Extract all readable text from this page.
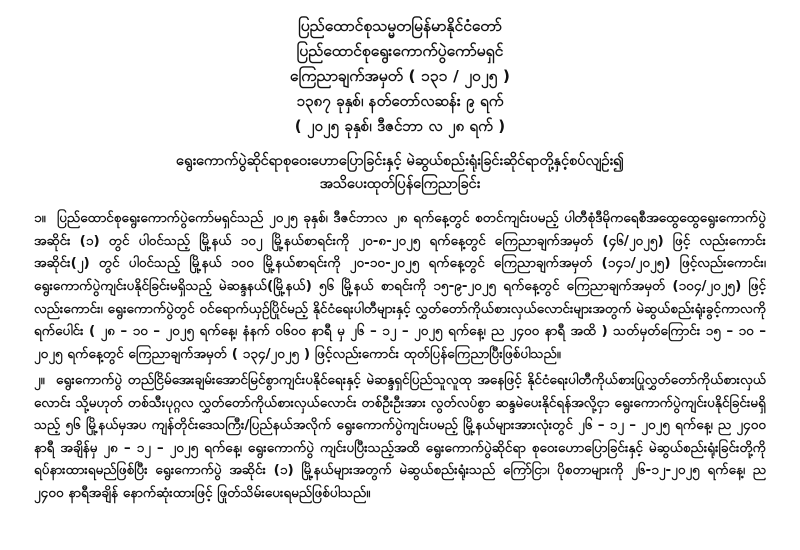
ပြည်ထောင်စုသမ္မတမြန်မာနိုင်ငံတော်
ပြည်ထောင်စုရွေးကောက်ပွဲကော်မရှင်
ကြေညာချက်အမှတ် ( ၁၃၁ / ၂၀၂၅ )
၁၃၈၇ ခုနှစ်၊ နတ်တော်လဆန်း ၉ ရက်
( ၂၀၂၅ ခုနှစ်၊ ဒီဇင်ဘာ လ ၂၈ ရက် )
ရွေးကောက်ပွဲဆိုင်ရာစုဝေးဟောပြောခြင်းနှင့် မဲဆွယ်စည်းရုံးခြင်းဆိုင်ရာတို့နှင့်စပ်လျဉ်း၍
အသိပေးထုတ်ပြန်ကြေညာခြင်း
၁။ ပြည်ထောင်စုရွေးကောက်ပွဲကော်မရှင်သည် ၂၀၂၅ ခုနှစ်၊ ဒီဇင်ဘာလ ၂၈ ရက်နေ့တွင် စတင်ကျင်းပမည့် ပါတီစုံဒီမိုကရေစီအထွေထွေရွေးကောက်ပွဲ အဆိုင်း (၁) တွင် ပါဝင်သည့် မြို့နယ် ၁၀၂ မြို့နယ်စာရင်းကို ၂၀-၈-၂၀၂၅ ရက်နေ့တွင် ကြေညာချက်အမှတ် (၄၆/၂၀၂၅) ဖြင့် လည်းကောင်း အဆိုင်း(၂) တွင် ပါဝင်သည့် မြို့နယ် ၁၀၀ မြို့နယ်စာရင်းကို ၂၀-၁၀-၂၀၂၅ ရက်နေ့တွင် ကြေညာချက်အမှတ် (၁၄၁/၂၀၂၅) ဖြင့်လည်းကောင်း၊ ရွေးကောက်ပွဲကျင်းပနိုင်ခြင်းမရှိသည့် မဲဆန္ဒနယ်(မြို့နယ်) ၅၆ မြို့နယ် စာရင်းကို ၁၅-၉-၂၀၂၅ ရက်နေ့တွင် ကြေညာချက်အမှတ် (၁၀၄/၂၀၂၅) ဖြင့်လည်းကောင်း၊ ရွေးကောက်ပွဲတွင် ဝင်ရောက်ယှဉ်ပြိုင်မည့် နိုင်ငံရေးပါတီများနှင့် လွှတ်တော်ကိုယ်စားလှယ်လောင်းများအတွက် မဲဆွယ်စည်းရုံးခွင့်ကာလကို ရက်ပေါင်း ( ၂၈ – ၁၀ – ၂၀၂၅ ရက်နေ့၊ နံနက် ၀၆၀၀ နာရီ မှ ၂၆ – ၁၂ – ၂၀၂၅ ရက်နေ့၊ ည ၂၄၀၀ နာရီ အထိ ) သတ်မှတ်ကြောင်း ၁၅ – ၁၀ – ၂၀၂၅ ရက်နေ့တွင် ကြေညာချက်အမှတ် ( ၁၃၄/၂၀၂၅ ) ဖြင့်လည်းကောင်း ထုတ်ပြန်ကြေညာပြီးဖြစ်ပါသည်။
၂။ ရွေးကောက်ပွဲ တည်ငြိမ်အေးချမ်းအောင်မြင်စွာကျင်းပနိုင်ရေးနှင့် မဲဆန္ဒရှင်ပြည်သူလူထု အနေဖြင့် နိုင်ငံရေးပါတီကိုယ်စားပြုလွှတ်တော်ကိုယ်စားလှယ်လောင်း သို့မဟုတ် တစ်သီးပုဂ္ဂလ လွှတ်တော်ကိုယ်စားလှယ်လောင်း တစ်ဦးဦးအား လွတ်လပ်စွာ ဆန္ဒမဲပေးနိုင်ရန်အလို့ငှာ ရွေးကောက်ပွဲကျင်းပနိုင်ခြင်းမရှိသည့် ၅၆ မြို့နယ်မှအပ ကျန်တိုင်းဒေသကြီး/ပြည်နယ်အလိုက် ရွေးကောက်ပွဲကျင်းပမည့် မြို့နယ်များအားလုံးတွင် ၂၆ – ၁၂ – ၂၀၂၅ ရက်နေ့၊ ည ၂၄၀၀ နာရီ အချိန်မှ ၂၈ – ၁၂ – ၂၀၂၅ ရက်နေ့၊ ရွေးကောက်ပွဲ ကျင်းပပြီးသည့်အထိ ရွေးကောက်ပွဲဆိုင်ရာ စုဝေးဟောပြောခြင်းနှင့် မဲဆွယ်စည်းရုံးခြင်းတို့ကို ရပ်နားထားရမည်ဖြစ်ပြီး ရွေးကောက်ပွဲ အဆိုင်း (၁) မြို့နယ်များအတွက် မဲဆွယ်စည်းရုံးသည် ကြော်ငြာ၊ ပိုစတာများကို ၂၆-၁၂-၂၀၂၅ ရက်နေ့၊ ည ၂၄၀၀ နာရီအချိန် နောက်ဆုံးထားဖြင့် ဖြုတ်သိမ်းပေးရမည်ဖြစ်ပါသည်။
